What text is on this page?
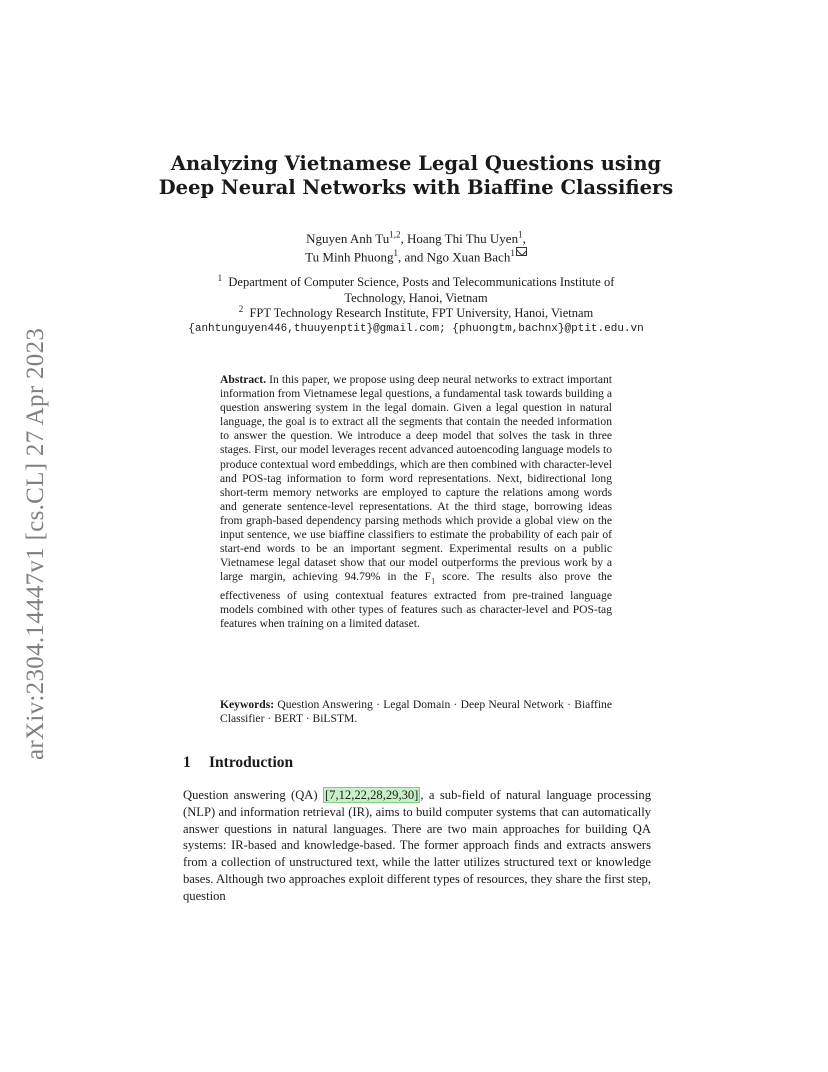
arXiv:2304.14447v1 [cs.CL] 27 Apr 2023
Analyzing Vietnamese Legal Questions using
Deep Neural Networks with Biaffine Classifiers
Nguyen Anh Tu$^{1,2}$, Hoang Thi Thu Uyen$^1$,
Tu Minh Phuong$^1$, and Ngo Xuan Bach$^1$
$^1$ Department of Computer Science, Posts and Telecommunications Institute of
Technology, Hanoi, Vietnam
$^2$ FPT Technology Research Institute, FPT University, Hanoi, Vietnam
{anhtunguyen446,thuuyenptit}@gmail.com; {phuongtm,bachnx}@ptit.edu.vn
Abstract. In this paper, we propose using deep neural networks to extract important information from Vietnamese legal questions, a fundamental task towards building a question answering system in the legal domain. Given a legal question in natural language, the goal is to extract all the segments that contain the needed information to answer the question. We introduce a deep model that solves the task in three stages. First, our model leverages recent advanced autoencoding language models to produce contextual word embeddings, which are then combined with character-level and POS-tag information to form word representations. Next, bidirectional long short-term memory networks are employed to capture the relations among words and generate sentence-level representations. At the third stage, borrowing ideas from graph-based dependency parsing methods which provide a global view on the input sentence, we use biaffine classifiers to estimate the probability of each pair of start-end words to be an important segment. Experimental results on a public Vietnamese legal dataset show that our model outperforms the previous work by a large margin, achieving 94.79% in the $F_1$ score. The results also prove the effectiveness of using contextual features extracted from pre-trained language models combined with other types of features such as character-level and POS-tag features when training on a limited dataset.
Keywords: Question Answering · Legal Domain · Deep Neural Network · Biaffine Classifier · BERT · BiLSTM.
1 Introduction
Question answering (QA) [7,12,22,28,29,30] , a sub-field of natural language processing (NLP) and information retrieval (IR), aims to build computer systems that can automatically answer questions in natural languages. There are two main approaches for building QA systems: IR-based and knowledge-based. The former approach finds and extracts answers from a collection of unstructured text, while the latter utilizes structured text or knowledge bases. Although two approaches exploit different types of resources, they share the first step, question
